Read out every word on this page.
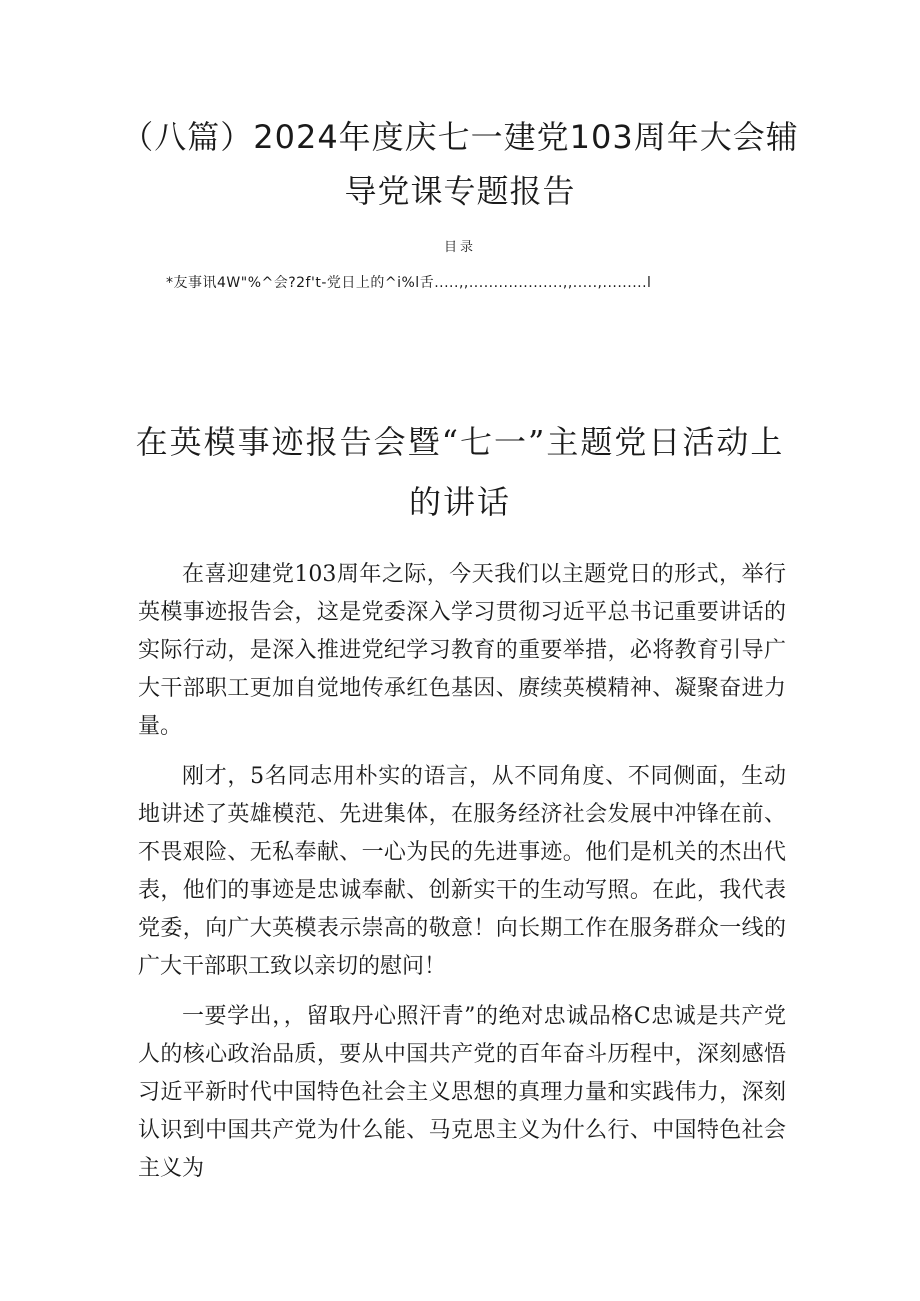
（八篇）2024年度庆七一建党103周年大会辅导党课专题报告
目录
*友事讯4W"%^会?2f't-党日上的^i%l舌.....,,...................,,.....,.........l
在英模事迹报告会暨“七一”主题党日活动上的讲话

在喜迎建党103周年之际，今天我们以主题党日的形式，举行英模事迹报告会，这是党委深入学习贯彻习近平总书记重要讲话的实际行动，是深入推进党纪学习教育的重要举措，必将教育引导广大干部职工更加自觉地传承红色基因、赓续英模精神、凝聚奋进力量。

刚才，5名同志用朴实的语言，从不同角度、不同侧面，生动地讲述了英雄模范、先进集体，在服务经济社会发展中冲锋在前、不畏艰险、无私奉献、一心为民的先进事迹。他们是机关的杰出代表，他们的事迹是忠诚奉献、创新实干的生动写照。在此，我代表党委，向广大英模表示崇高的敬意！向长期工作在服务群众一线的广大干部职工致以亲切的慰问！

一要学出，，留取丹心照汗青”的绝对忠诚品格C忠诚是共产党人的核心政治品质，要从中国共产党的百年奋斗历程中，深刻感悟习近平新时代中国特色社会主义思想的真理力量和实践伟力，深刻认识到中国共产党为什么能、马克思主义为什么行、中国特色社会主义为
